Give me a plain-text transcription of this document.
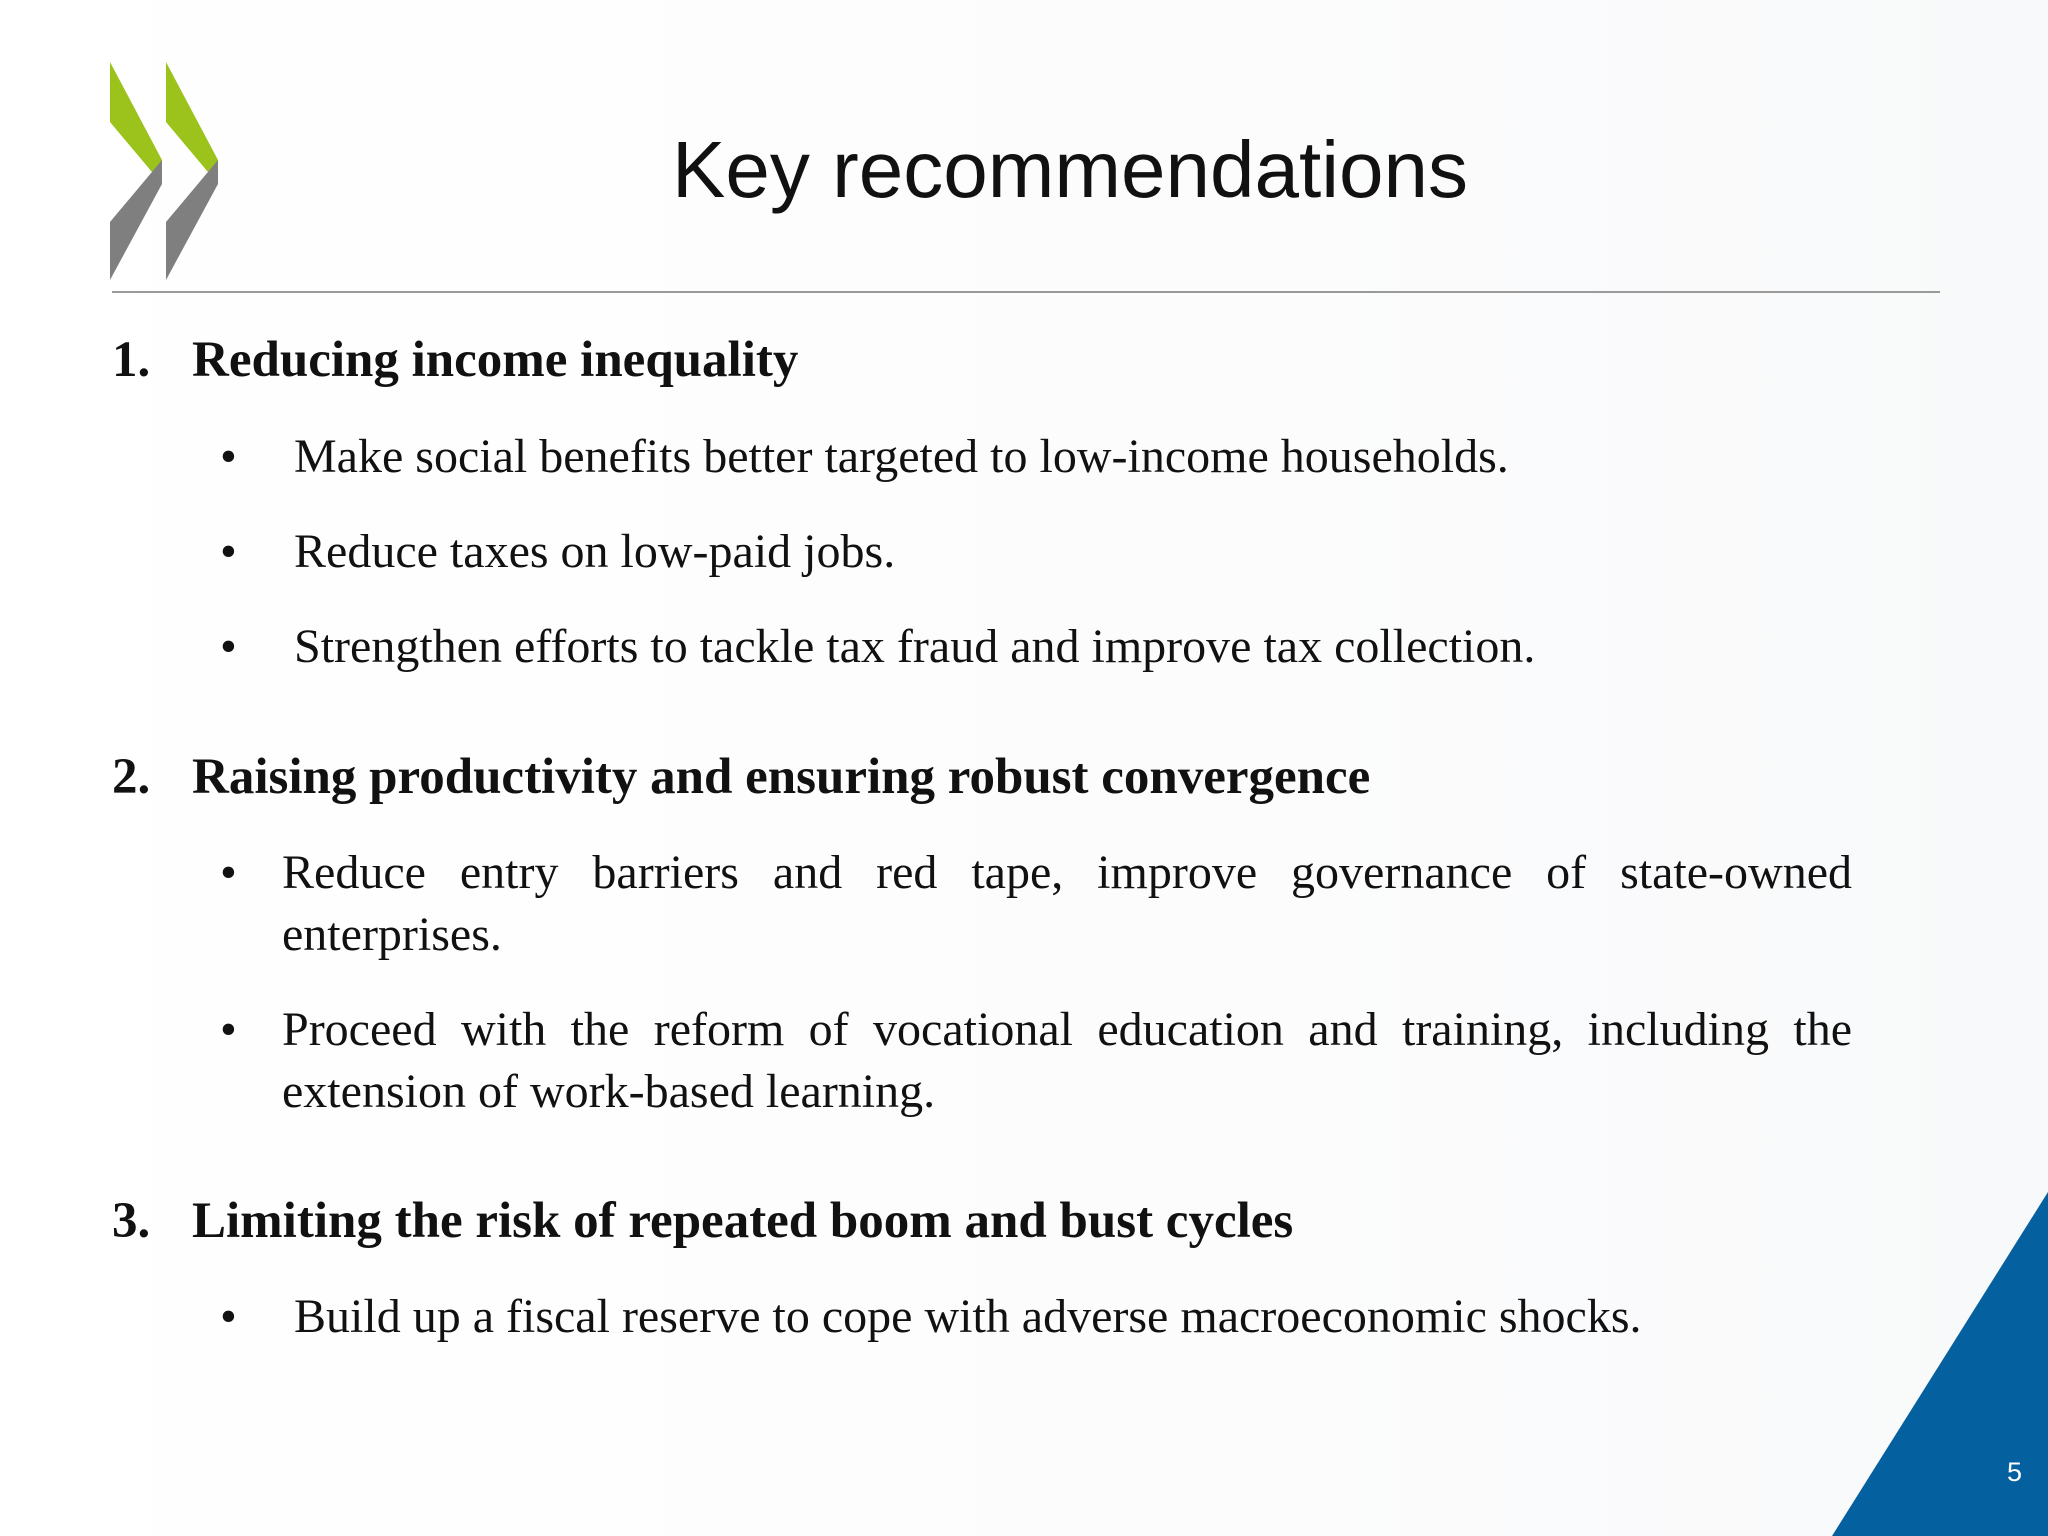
Key recommendations
1. Reducing income inequality
•	Make social benefits better targeted to low-income households.
•	Reduce taxes on low-paid jobs.
•	Strengthen efforts to tackle tax fraud and improve tax collection.
2. Raising productivity and ensuring robust convergence
• Reduce entry barriers and red tape, improve governance of state-owned enterprises.
• Proceed with the reform of vocational education and training, including the extension of work-based learning.
3. Limiting the risk of repeated boom and bust cycles
•	Build up a fiscal reserve to cope with adverse macroeconomic shocks.
5
